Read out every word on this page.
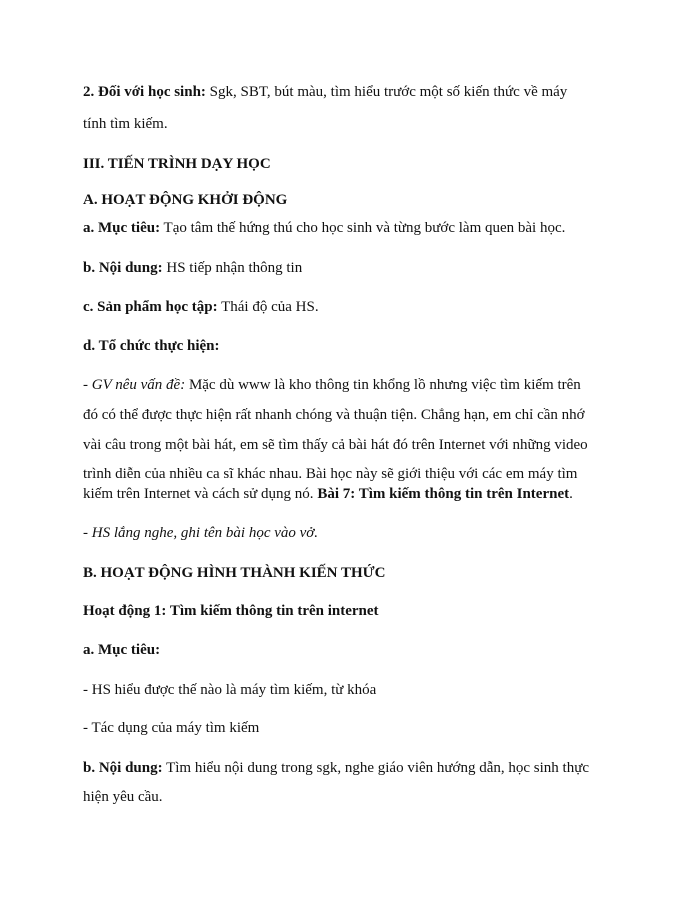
2. Đối với học sinh: Sgk, SBT, bút màu, tìm hiểu trước một số kiến thức về máy
tính tìm kiếm.
III. TIẾN TRÌNH DẠY HỌC
A. HOẠT ĐỘNG KHỞI ĐỘNG
a. Mục tiêu: Tạo tâm thế hứng thú cho học sinh và từng bước làm quen bài học.
b. Nội dung: HS tiếp nhận thông tin
c. Sản phẩm học tập: Thái độ của HS.
d. Tổ chức thực hiện:
- GV nêu vấn đề: Mặc dù www là kho thông tin khổng lồ nhưng việc tìm kiếm trên
đó có thể được thực hiện rất nhanh chóng và thuận tiện. Chẳng hạn, em chỉ cần nhớ
vài câu trong một bài hát, em sẽ tìm thấy cả bài hát đó trên Internet với những video
trình diễn của nhiều ca sĩ khác nhau. Bài học này sẽ giới thiệu với các em máy tìm
kiếm trên Internet và cách sử dụng nó. Bài 7: Tìm kiếm thông tin trên Internet.
- HS lắng nghe, ghi tên bài học vào vở.
B. HOẠT ĐỘNG HÌNH THÀNH KIẾN THỨC
Hoạt động 1: Tìm kiếm thông tin trên internet
a. Mục tiêu:
- HS hiểu được thế nào là máy tìm kiếm, từ khóa
- Tác dụng của máy tìm kiếm
b. Nội dung: Tìm hiểu nội dung trong sgk, nghe giáo viên hướng dẫn, học sinh thực
hiện yêu cầu.
